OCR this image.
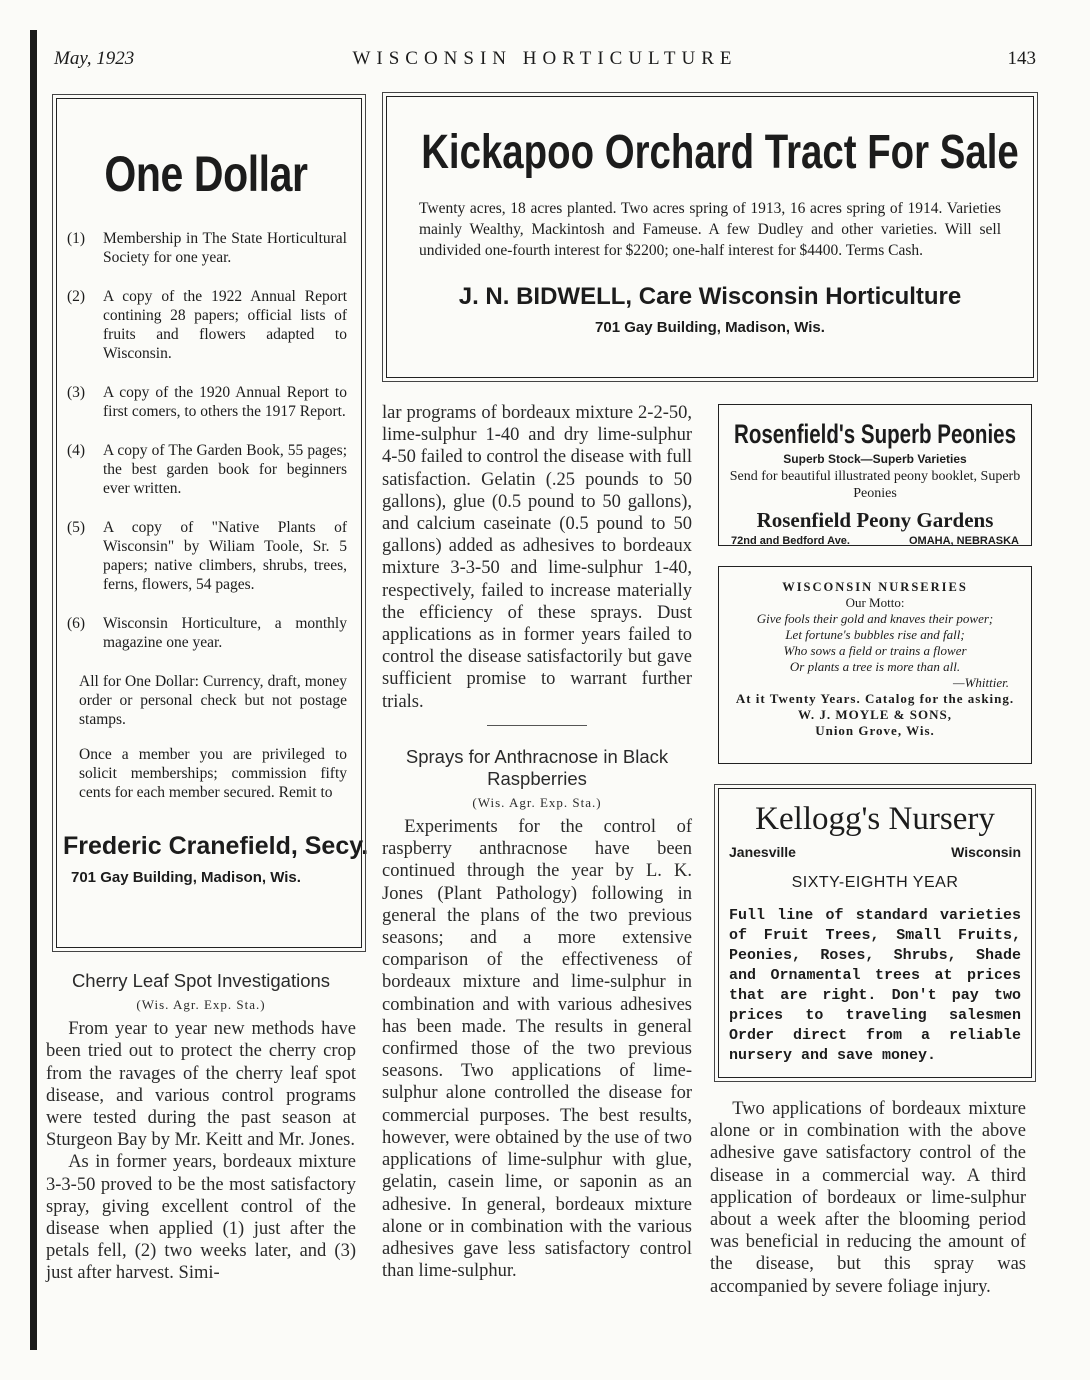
May, 1923	WISCONSIN HORTICULTURE	143
One Dollar
(1)	Membership in The State Horticultural Society for one year.
(2)	A copy of the 1922 Annual Report contining 28 papers; official lists of fruits and flowers adapted to Wisconsin.
(3)	A copy of the 1920 Annual Report to first comers, to others the 1917 Report.
(4)	A copy of The Garden Book, 55 pages; the best garden book for beginners ever written.
(5)	A copy of "Native Plants of Wisconsin" by Wiliam Toole, Sr. 5 papers; native climbers, shrubs, trees, ferns, flowers, 54 pages.
(6)	Wisconsin Horticulture, a monthly magazine one year.

All for One Dollar: Currency, draft, money order or personal check but not postage stamps.

Once a member you are privileged to solicit memberships; commission fifty cents for each member secured. Remit to

Frederic Cranefield, Secy.
701 Gay Building, Madison, Wis.
Kickapoo Orchard Tract For Sale
Twenty acres, 18 acres planted. Two acres spring of 1913, 16 acres spring of 1914. Varieties mainly Wealthy, Mackintosh and Fameuse. A few Dudley and other varieties. Will sell undivided one-fourth interest for $2200; one-half interest for $4400. Terms Cash.
J. N. BIDWELL, Care Wisconsin Horticulture
701 Gay Building, Madison, Wis.
Cherry Leaf Spot Investigations
(Wis. Agr. Exp. Sta.)

From year to year new methods have been tried out to protect the cherry crop from the ravages of the cherry leaf spot disease, and various control programs were tested during the past season at Sturgeon Bay by Mr. Keitt and Mr. Jones.

As in former years, bordeaux mixture 3-3-50 proved to be the most satisfactory spray, giving excellent control of the disease when applied (1) just after the petals fell, (2) two weeks later, and (3) just after harvest. Simi-

lar programs of bordeaux mixture 2-2-50, lime-sulphur 1-40 and dry lime-sulphur 4-50 failed to control the disease with full satisfaction. Gelatin (.25 pounds to 50 gallons), glue (0.5 pound to 50 gallons), and calcium caseinate (0.5 pound to 50 gallons) added as adhesives to bordeaux mixture 3-3-50 and lime-sulphur 1-40, respectively, failed to increase materially the efficiency of these sprays. Dust applications as in former years failed to control the disease satisfactorily but gave sufficient promise to warrant further trials.

Sprays for Anthracnose in Black Raspberries
(Wis. Agr. Exp. Sta.)

Experiments for the control of raspberry anthracnose have been continued through the year by L. K. Jones (Plant Pathology) following in general the plans of the two previous seasons; and a more extensive comparison of the effectiveness of bordeaux mixture and lime-sulphur in combination and with various adhesives has been made. The results in general confirmed those of the two previous seasons. Two applications of lime-sulphur alone controlled the disease for commercial purposes. The best results, however, were obtained by the use of two applications of lime-sulphur with glue, gelatin, casein lime, or saponin as an adhesive. In general, bordeaux mixture alone or in combination with the various adhesives gave less satisfactory control than lime-sulphur.

Rosenfield's Superb Peonies
Superb Stock—Superb Varieties
Send for beautiful illustrated peony booklet, Superb Peonies
Rosenfield Peony Gardens
72nd and Bedford Ave.	OMAHA, NEBRASKA
WISCONSIN NURSERIES
Our Motto:
Give fools their gold and knaves their power;
Let fortune's bubbles rise and fall;
Who sows a field or trains a flower
Or plants a tree is more than all.
—Whittier.
At it Twenty Years. Catalog for the asking.
W. J. MOYLE & SONS,
Union Grove, Wis.
Kellogg's Nursery
Janesville	Wisconsin
SIXTY-EIGHTH YEAR
Full line of standard varieties of Fruit Trees, Small Fruits, Peonies, Roses, Shrubs, Shade and Ornamental trees at prices that are right. Don't pay two prices to traveling salesmen Order direct from a reliable nursery and save money.

Two applications of bordeaux mixture alone or in combination with the above adhesive gave satisfactory control of the disease in a commercial way. A third application of bordeaux or lime-sulphur about a week after the blooming period was beneficial in reducing the amount of the disease, but this spray was accompanied by severe foliage injury.
